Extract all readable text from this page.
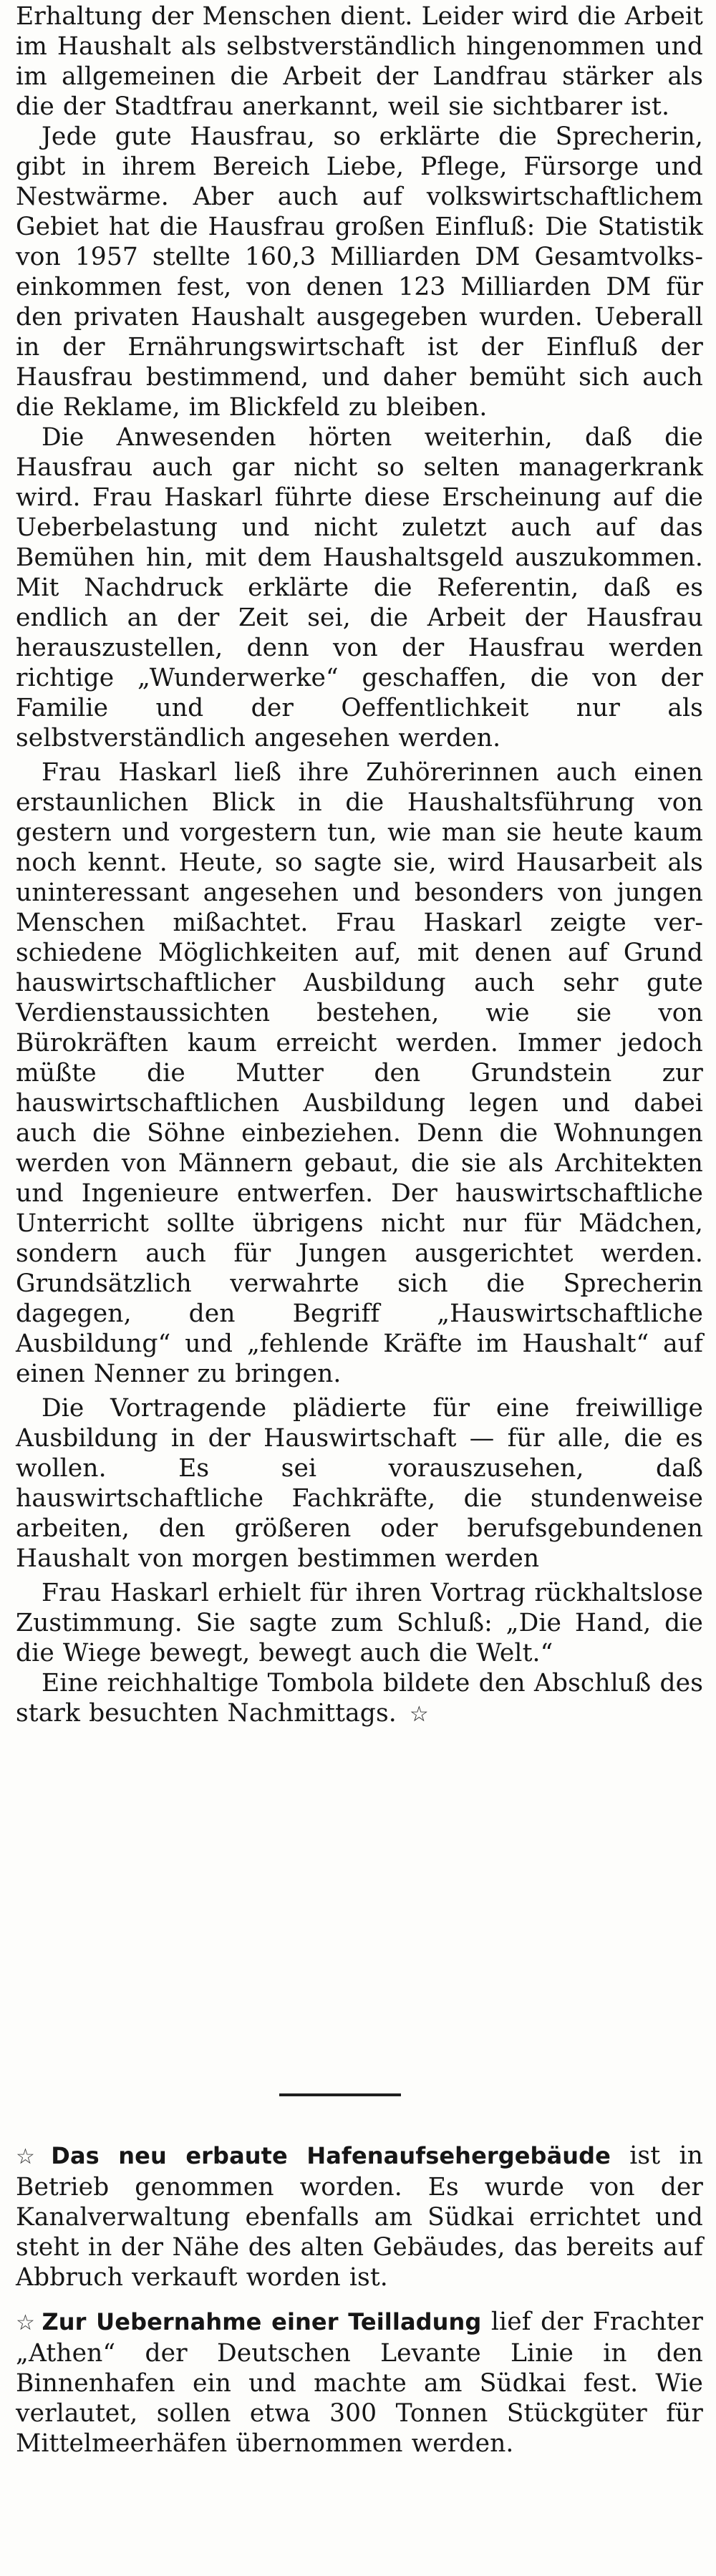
Erhaltung der Menschen dient. Leider wird die Arbeit im Haushalt als selbstverständlich hingenommen und im allgemeinen die Arbeit der Landfrau stärker als die der Stadtfrau anerkannt, weil sie sichtbarer ist.

Jede gute Hausfrau, so erklärte die Sprecherin, gibt in ihrem Bereich Liebe, Pflege, Fürsorge und Nestwärme. Aber auch auf volkswirtschaftlichem Gebiet hat die Hausfrau großen Einfluß: Die Statistik von 1957 stellte 160,3 Milliarden DM Gesamtvolkseinkommen fest, von denen 123 Milliarden DM für den privaten Haushalt ausgegeben wurden. Ueberall in der Ernährungswirtschaft ist der Einfluß der Hausfrau bestimmend, und daher bemüht sich auch die Reklame, im Blickfeld zu bleiben.

Die Anwesenden hörten weiterhin, daß die Hausfrau auch gar nicht so selten managerkrank wird. Frau Haskarl führte diese Erscheinung auf die Ueberbelastung und nicht zuletzt auch auf das Bemühen hin, mit dem Haushaltsgeld auszukommen. Mit Nachdruck erklärte die Referentin, daß es endlich an der Zeit sei, die Arbeit der Hausfrau herauszustellen, denn von der Hausfrau werden richtige „Wunderwerke“ geschaffen, die von der Familie und der Oeffentlichkeit nur als selbstverständlich angesehen werden.

Frau Haskarl ließ ihre Zuhörerinnen auch einen erstaunlichen Blick in die Haushaltsführung von gestern und vorgestern tun, wie man sie heute kaum noch kennt. Heute, so sagte sie, wird Hausarbeit als uninteressant angesehen und besonders von jungen Menschen mißachtet. Frau Haskarl zeigte verschiedene Möglichkeiten auf, mit denen auf Grund hauswirtschaftlicher Ausbildung auch sehr gute Verdienstaussichten bestehen, wie sie von Bürokräften kaum erreicht werden. Immer jedoch müßte die Mutter den Grundstein zur hauswirtschaftlichen Ausbildung legen und dabei auch die Söhne einbeziehen. Denn die Wohnungen werden von Männern gebaut, die sie als Architekten und Ingenieure entwerfen. Der hauswirtschaftliche Unterricht sollte übrigens nicht nur für Mädchen, sondern auch für Jungen ausgerichtet werden. Grundsätzlich verwahrte sich die Sprecherin dagegen, den Begriff „Hauswirtschaftliche Ausbildung“ und „fehlende Kräfte im Haushalt“ auf einen Nenner zu bringen.

Die Vortragende plädierte für eine freiwillige Ausbildung in der Hauswirtschaft — für alle, die es wollen. Es sei vorauszusehen, daß hauswirtschaftliche Fachkräfte, die stundenweise arbeiten, den größeren oder berufsgebundenen Haushalt von morgen bestimmen werden

Frau Haskarl erhielt für ihren Vortrag rückhaltslose Zustimmung. Sie sagte zum Schluß: „Die Hand, die die Wiege bewegt, bewegt auch die Welt.“

Eine reichhaltige Tombola bildete den Abschluß des stark besuchten Nachmittags. ☆

☆ Das neu erbaute Hafenaufsehergebäude ist in Betrieb genommen worden. Es wurde von der Kanalverwaltung ebenfalls am Südkai errichtet und steht in der Nähe des alten Gebäudes, das bereits auf Abbruch verkauft worden ist.

☆ Zur Uebernahme einer Teilladung lief der Frachter „Athen“ der Deutschen Levante Linie in den Binnenhafen ein und machte am Südkai fest. Wie verlautet, sollen etwa 300 Tonnen Stückgüter für Mittelmeerhäfen übernommen werden.
